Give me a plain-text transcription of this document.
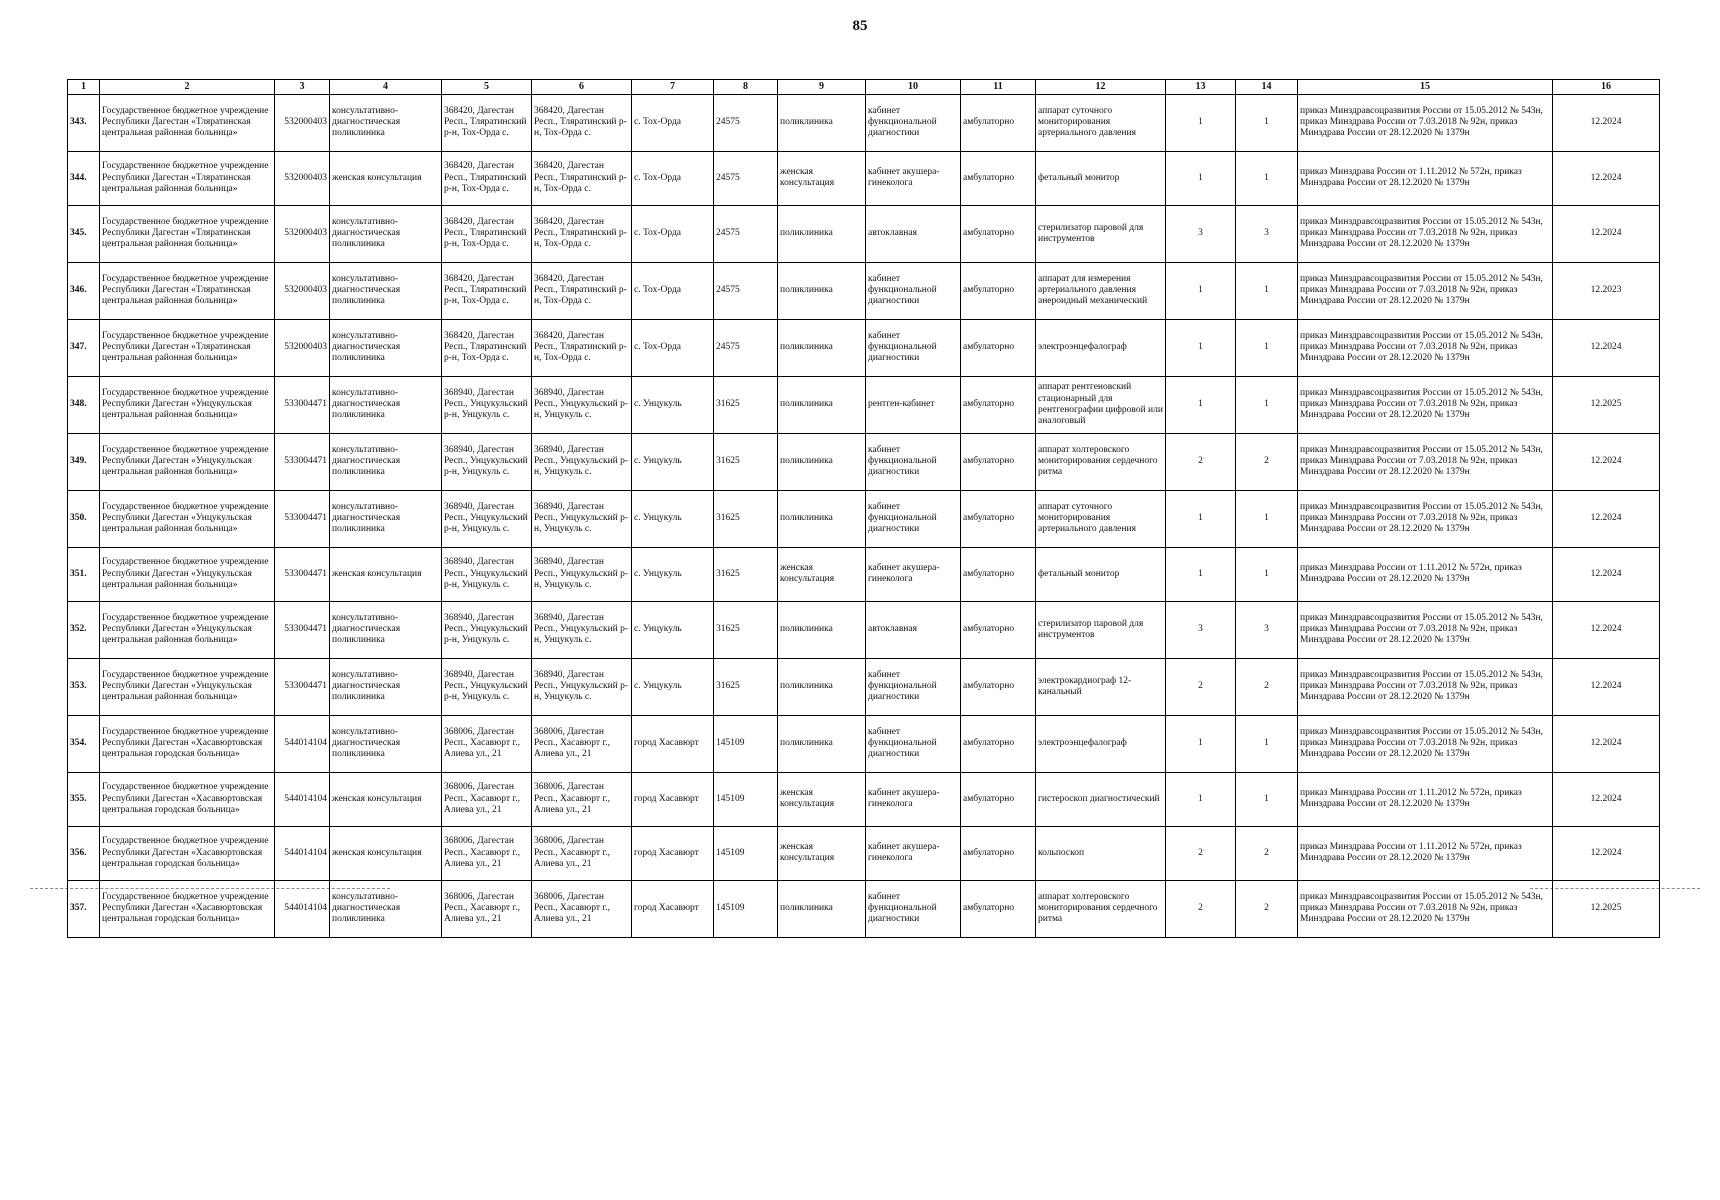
85
1	2	3	4	5	6	7	8	9	10	11	12	13	14	15	16
343.	Государственное бюджетное учреждение Республики Дагестан «Тляратинская центральная районная больница»	532000403	консультативно-диагностическая поликлиника	368420, Дагестан Респ., Тляратинский р-н, Тох-Орда с.	368420, Дагестан Респ., Тляратинский р-н, Тох-Орда с.	с. Тох-Орда	24575	поликлиника	кабинет функциональной диагностики	амбулаторно	аппарат суточного мониторирования артериального давления	1	1	приказ Минздравсоцразвития России от 15.05.2012 № 543н, приказ Минздрава России от 7.03.2018 № 92н, приказ Минздрава России от 28.12.2020 № 1379н	12.2024
344.	Государственное бюджетное учреждение Республики Дагестан «Тляратинская центральная районная больница»	532000403	женская консультация	368420, Дагестан Респ., Тляратинский р-н, Тох-Орда с.	368420, Дагестан Респ., Тляратинский р-н, Тох-Орда с.	с. Тох-Орда	24575	женская консультация	кабинет акушера-гинеколога	амбулаторно	фетальный монитор	1	1	приказ Минздрава России от 1.11.2012 № 572н, приказ Минздрава России от 28.12.2020 № 1379н	12.2024
345.	Государственное бюджетное учреждение Республики Дагестан «Тляратинская центральная районная больница»	532000403	консультативно-диагностическая поликлиника	368420, Дагестан Респ., Тляратинский р-н, Тох-Орда с.	368420, Дагестан Респ., Тляратинский р-н, Тох-Орда с.	с. Тох-Орда	24575	поликлиника	автоклавная	амбулаторно	стерилизатор паровой для инструментов	3	3	приказ Минздравсоцразвития России от 15.05.2012 № 543н, приказ Минздрава России от 7.03.2018 № 92н, приказ Минздрава России от 28.12.2020 № 1379н	12.2024
346.	Государственное бюджетное учреждение Республики Дагестан «Тляратинская центральная районная больница»	532000403	консультативно-диагностическая поликлиника	368420, Дагестан Респ., Тляратинский р-н, Тох-Орда с.	368420, Дагестан Респ., Тляратинский р-н, Тох-Орда с.	с. Тох-Орда	24575	поликлиника	кабинет функциональной диагностики	амбулаторно	аппарат для измерения артериального давления анероидный механический	1	1	приказ Минздравсоцразвития России от 15.05.2012 № 543н, приказ Минздрава России от 7.03.2018 № 92н, приказ Минздрава России от 28.12.2020 № 1379н	12.2023
347.	Государственное бюджетное учреждение Республики Дагестан «Тляратинская центральная районная больница»	532000403	консультативно-диагностическая поликлиника	368420, Дагестан Респ., Тляратинский р-н, Тох-Орда с.	368420, Дагестан Респ., Тляратинский р-н, Тох-Орда с.	с. Тох-Орда	24575	поликлиника	кабинет функциональной диагностики	амбулаторно	электроэнцефалограф	1	1	приказ Минздравсоцразвития России от 15.05.2012 № 543н, приказ Минздрава России от 7.03.2018 № 92н, приказ Минздрава России от 28.12.2020 № 1379н	12.2024
348.	Государственное бюджетное учреждение Республики Дагестан «Унцукульская центральная районная больница»	533004471	консультативно-диагностическая поликлиника	368940, Дагестан Респ., Унцукульский р-н, Унцукуль с.	368940, Дагестан Респ., Унцукульский р-н, Унцукуль с.	с. Унцукуль	31625	поликлиника	рентген-кабинет	амбулаторно	аппарат рентгеновский стационарный для рентгенографии цифровой или аналоговый	1	1	приказ Минздравсоцразвития России от 15.05.2012 № 543н, приказ Минздрава России от 7.03.2018 № 92н, приказ Минздрава России от 28.12.2020 № 1379н	12.2025
349.	Государственное бюджетное учреждение Республики Дагестан «Унцукульская центральная районная больница»	533004471	консультативно-диагностическая поликлиника	368940, Дагестан Респ., Унцукульский р-н, Унцукуль с.	368940, Дагестан Респ., Унцукульский р-н, Унцукуль с.	с. Унцукуль	31625	поликлиника	кабинет функциональной диагностики	амбулаторно	аппарат холтеровского мониторирования сердечного ритма	2	2	приказ Минздравсоцразвития России от 15.05.2012 № 543н, приказ Минздрава России от 7.03.2018 № 92н, приказ Минздрава России от 28.12.2020 № 1379н	12.2024
350.	Государственное бюджетное учреждение Республики Дагестан «Унцукульская центральная районная больница»	533004471	консультативно-диагностическая поликлиника	368940, Дагестан Респ., Унцукульский р-н, Унцукуль с.	368940, Дагестан Респ., Унцукульский р-н, Унцукуль с.	с. Унцукуль	31625	поликлиника	кабинет функциональной диагностики	амбулаторно	аппарат суточного мониторирования артериального давления	1	1	приказ Минздравсоцразвития России от 15.05.2012 № 543н, приказ Минздрава России от 7.03.2018 № 92н, приказ Минздрава России от 28.12.2020 № 1379н	12.2024
351.	Государственное бюджетное учреждение Республики Дагестан «Унцукульская центральная районная больница»	533004471	женская консультация	368940, Дагестан Респ., Унцукульский р-н, Унцукуль с.	368940, Дагестан Респ., Унцукульский р-н, Унцукуль с.	с. Унцукуль	31625	женская консультация	кабинет акушера-гинеколога	амбулаторно	фетальный монитор	1	1	приказ Минздрава России от 1.11.2012 № 572н, приказ Минздрава России от 28.12.2020 № 1379н	12.2024
352.	Государственное бюджетное учреждение Республики Дагестан «Унцукульская центральная районная больница»	533004471	консультативно-диагностическая поликлиника	368940, Дагестан Респ., Унцукульский р-н, Унцукуль с.	368940, Дагестан Респ., Унцукульский р-н, Унцукуль с.	с. Унцукуль	31625	поликлиника	автоклавная	амбулаторно	стерилизатор паровой для инструментов	3	3	приказ Минздравсоцразвития России от 15.05.2012 № 543н, приказ Минздрава России от 7.03.2018 № 92н, приказ Минздрава России от 28.12.2020 № 1379н	12.2024
353.	Государственное бюджетное учреждение Республики Дагестан «Унцукульская центральная районная больница»	533004471	консультативно-диагностическая поликлиника	368940, Дагестан Респ., Унцукульский р-н, Унцукуль с.	368940, Дагестан Респ., Унцукульский р-н, Унцукуль с.	с. Унцукуль	31625	поликлиника	кабинет функциональной диагностики	амбулаторно	электрокардиограф 12-канальный	2	2	приказ Минздравсоцразвития России от 15.05.2012 № 543н, приказ Минздрава России от 7.03.2018 № 92н, приказ Минздрава России от 28.12.2020 № 1379н	12.2024
354.	Государственное бюджетное учреждение Республики Дагестан «Хасавюртовская центральная городская больница»	544014104	консультативно-диагностическая поликлиника	368006, Дагестан Респ., Хасавюрт г., Алиева ул., 21	368006, Дагестан Респ., Хасавюрт г., Алиева ул., 21	город Хасавюрт	145109	поликлиника	кабинет функциональной диагностики	амбулаторно	электроэнцефалограф	1	1	приказ Минздравсоцразвития России от 15.05.2012 № 543н, приказ Минздрава России от 7.03.2018 № 92н, приказ Минздрава России от 28.12.2020 № 1379н	12.2024
355.	Государственное бюджетное учреждение Республики Дагестан «Хасавюртовская центральная городская больница»	544014104	женская консультация	368006, Дагестан Респ., Хасавюрт г., Алиева ул., 21	368006, Дагестан Респ., Хасавюрт г., Алиева ул., 21	город Хасавюрт	145109	женская консультация	кабинет акушера-гинеколога	амбулаторно	гистероскоп диагностический	1	1	приказ Минздрава России от 1.11.2012 № 572н, приказ Минздрава России от 28.12.2020 № 1379н	12.2024
356.	Государственное бюджетное учреждение Республики Дагестан «Хасавюртовская центральная городская больница»	544014104	женская консультация	368006, Дагестан Респ., Хасавюрт г., Алиева ул., 21	368006, Дагестан Респ., Хасавюрт г., Алиева ул., 21	город Хасавюрт	145109	женская консультация	кабинет акушера-гинеколога	амбулаторно	кольпоскоп	2	2	приказ Минздрава России от 1.11.2012 № 572н, приказ Минздрава России от 28.12.2020 № 1379н	12.2024
357.	Государственное бюджетное учреждение Республики Дагестан «Хасавюртовская центральная городская больница»	544014104	консультативно-диагностическая поликлиника	368006, Дагестан Респ., Хасавюрт г., Алиева ул., 21	368006, Дагестан Респ., Хасавюрт г., Алиева ул., 21	город Хасавюрт	145109	поликлиника	кабинет функциональной диагностики	амбулаторно	аппарат холтеровского мониторирования сердечного ритма	2	2	приказ Минздравсоцразвития России от 15.05.2012 № 543н, приказ Минздрава России от 7.03.2018 № 92н, приказ Минздрава России от 28.12.2020 № 1379н	12.2025
